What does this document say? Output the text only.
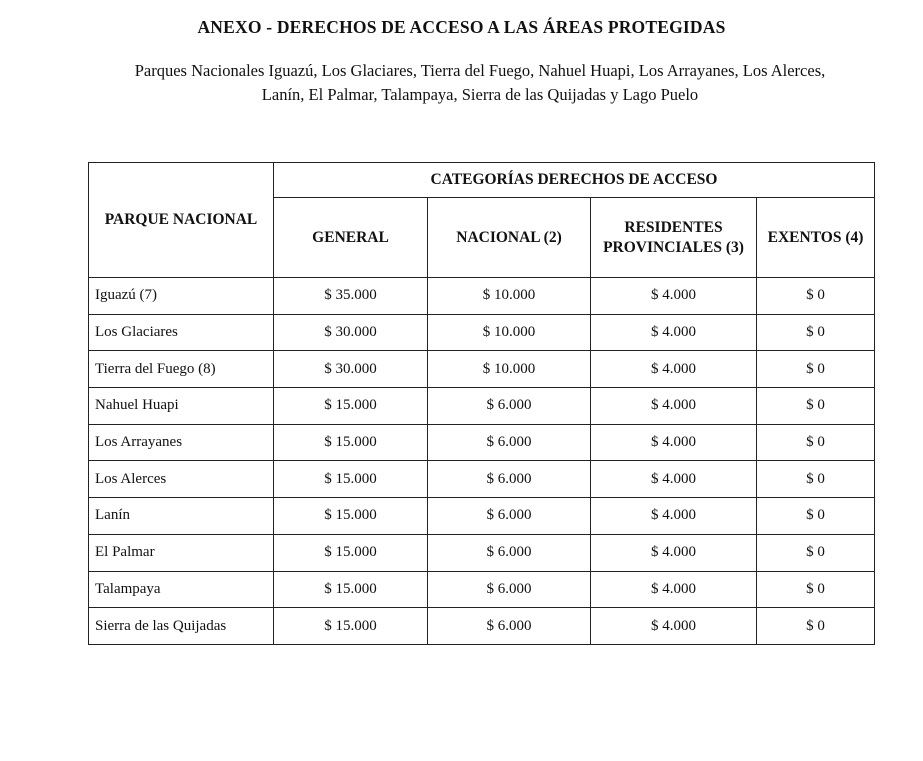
ANEXO - DERECHOS DE ACCESO A LAS ÁREAS PROTEGIDAS
Parques Nacionales Iguazú, Los Glaciares, Tierra del Fuego, Nahuel Huapi, Los Arrayanes, Los Alerces,
Lanín, El Palmar, Talampaya, Sierra de las Quijadas y Lago Puelo
PARQUE NACIONAL	CATEGORÍAS DERECHOS DE ACCESO			
	GENERAL	NACIONAL (2)	RESIDENTES
PROVINCIALES (3)	EXENTOS (4)
Iguazú (7)	$ 35.000	$ 10.000	$ 4.000	$ 0
Los Glaciares	$ 30.000	$ 10.000	$ 4.000	$ 0
Tierra del Fuego (8)	$ 30.000	$ 10.000	$ 4.000	$ 0
Nahuel Huapi	$ 15.000	$ 6.000	$ 4.000	$ 0
Los Arrayanes	$ 15.000	$ 6.000	$ 4.000	$ 0
Los Alerces	$ 15.000	$ 6.000	$ 4.000	$ 0
Lanín	$ 15.000	$ 6.000	$ 4.000	$ 0
El Palmar	$ 15.000	$ 6.000	$ 4.000	$ 0
Talampaya	$ 15.000	$ 6.000	$ 4.000	$ 0
Sierra de las Quijadas	$ 15.000	$ 6.000	$ 4.000	$ 0
